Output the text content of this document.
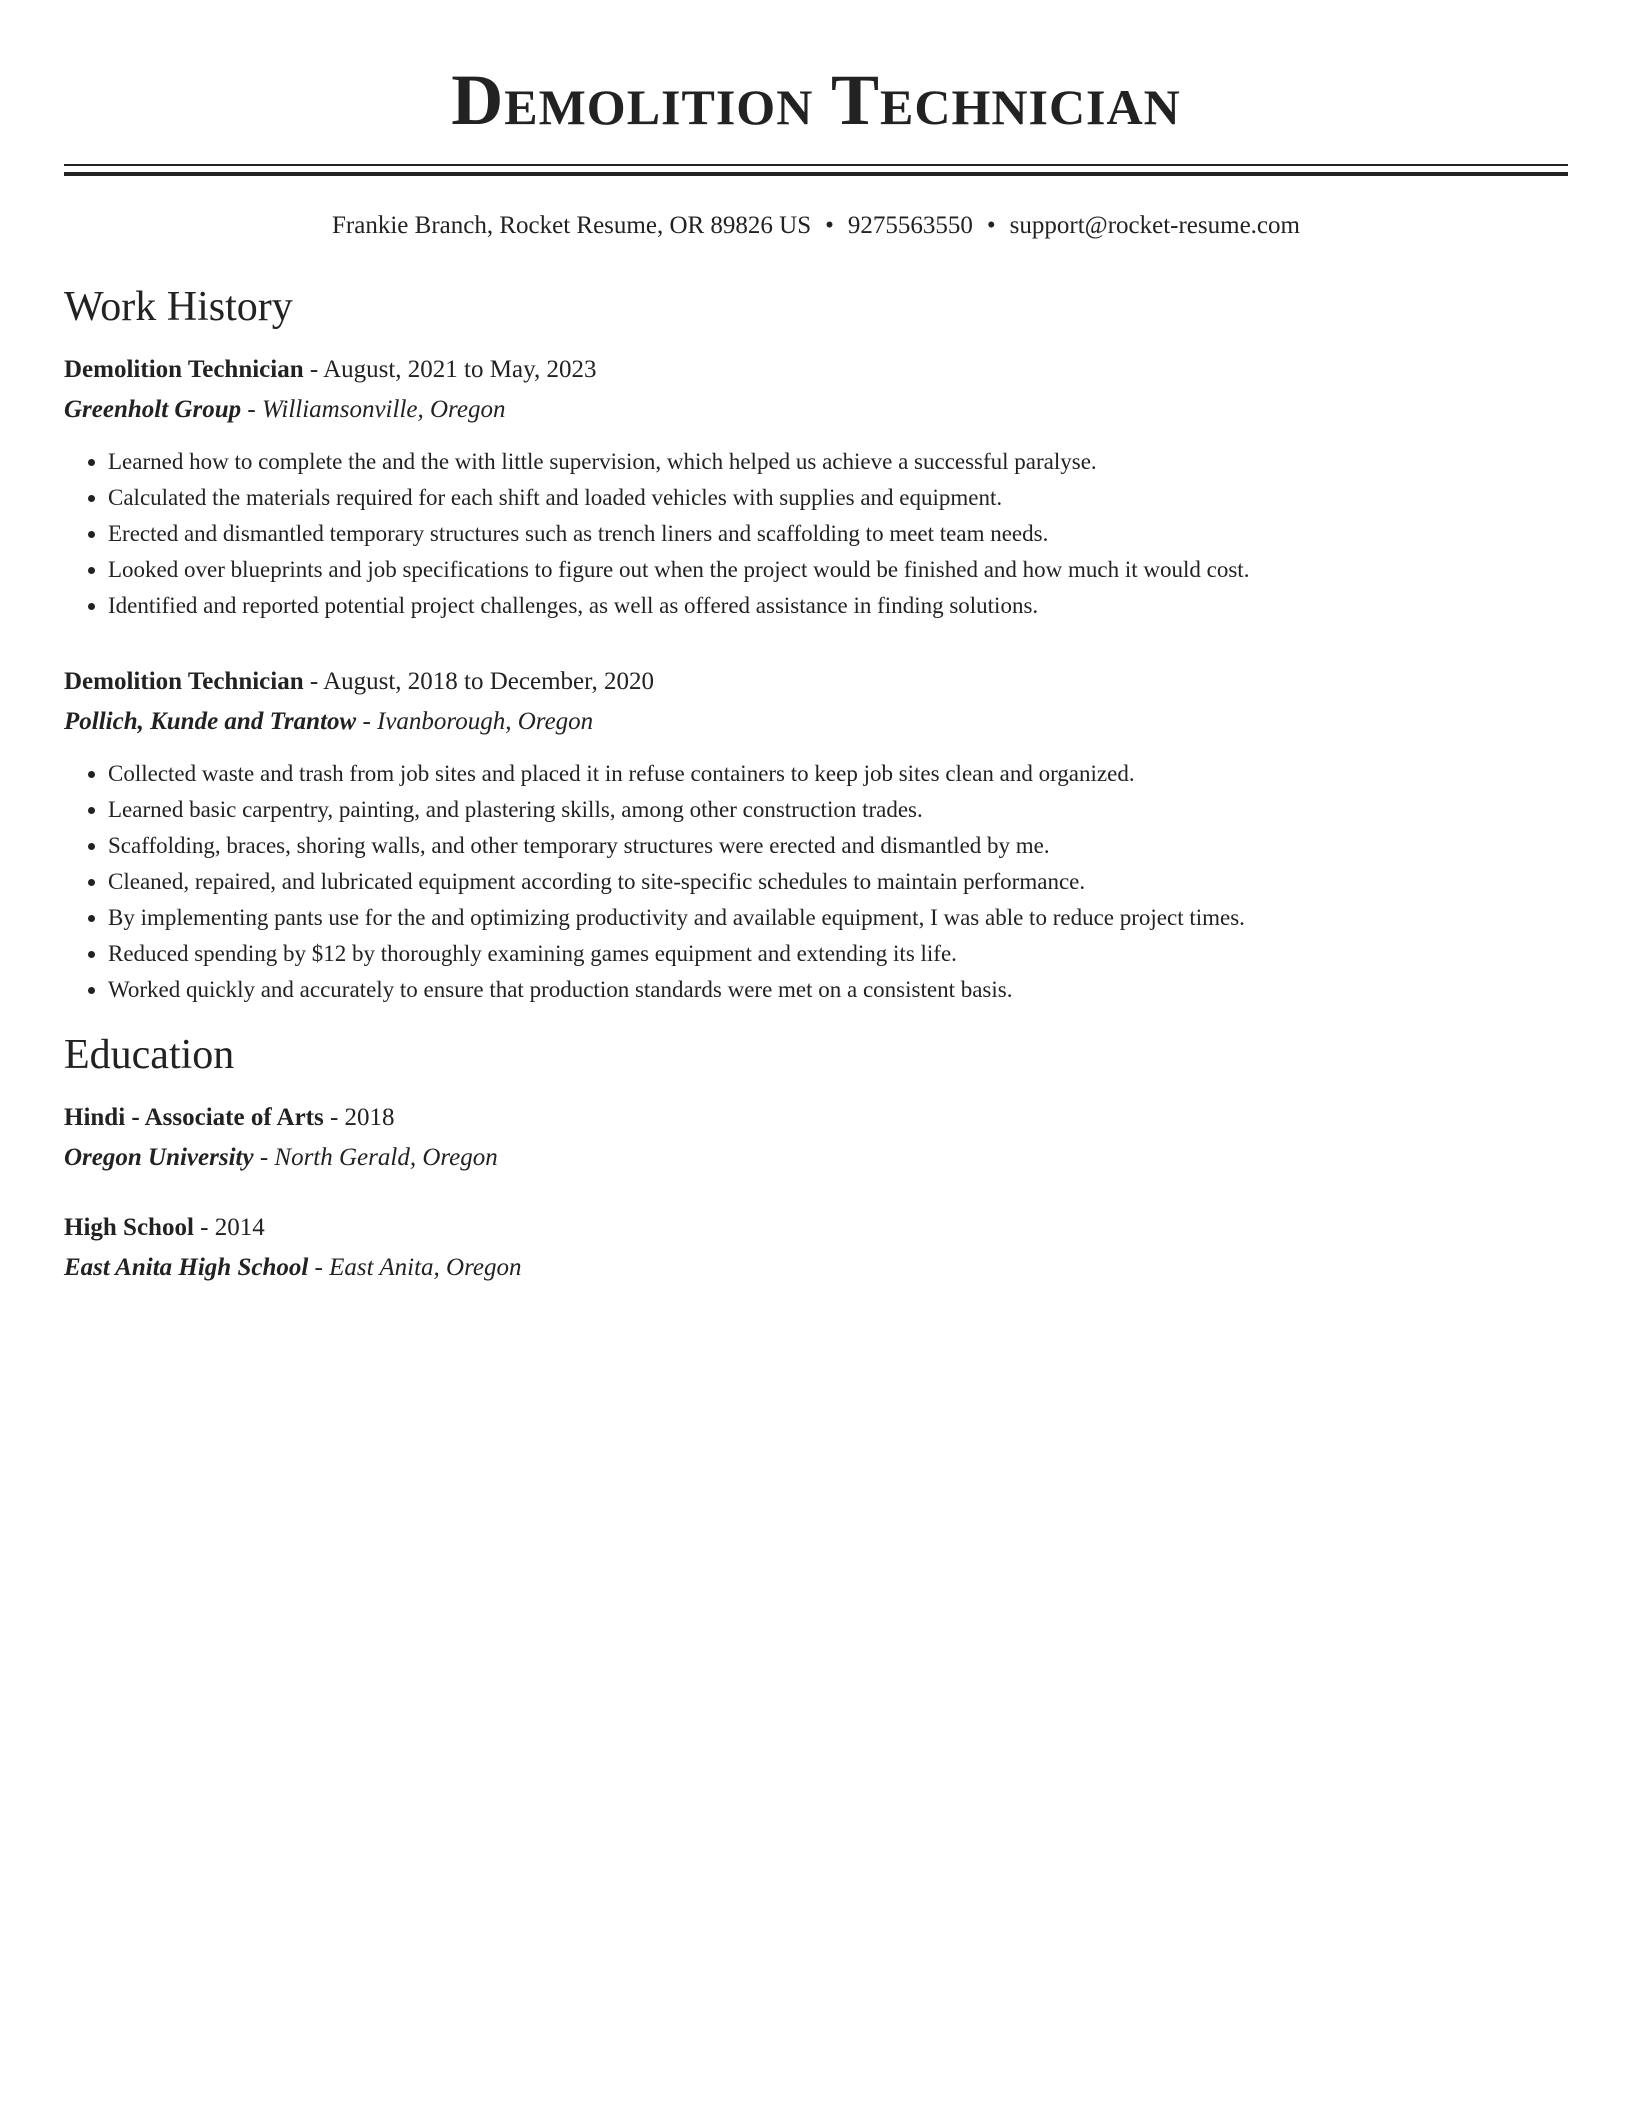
Demolition Technician
Frankie Branch, Rocket Resume, OR 89826 US • 9275563550 • support@rocket-resume.com
Work History
Demolition Technician - August, 2021 to May, 2023
Greenholt Group - Williamsonville, Oregon
• Learned how to complete the and the with little supervision, which helped us achieve a successful paralyse.
• Calculated the materials required for each shift and loaded vehicles with supplies and equipment.
• Erected and dismantled temporary structures such as trench liners and scaffolding to meet team needs.
• Looked over blueprints and job specifications to figure out when the project would be finished and how much it would cost.
• Identified and reported potential project challenges, as well as offered assistance in finding solutions.
Demolition Technician - August, 2018 to December, 2020
Pollich, Kunde and Trantow - Ivanborough, Oregon
• Collected waste and trash from job sites and placed it in refuse containers to keep job sites clean and organized.
• Learned basic carpentry, painting, and plastering skills, among other construction trades.
• Scaffolding, braces, shoring walls, and other temporary structures were erected and dismantled by me.
• Cleaned, repaired, and lubricated equipment according to site-specific schedules to maintain performance.
• By implementing pants use for the and optimizing productivity and available equipment, I was able to reduce project times.
• Reduced spending by $12 by thoroughly examining games equipment and extending its life.
• Worked quickly and accurately to ensure that production standards were met on a consistent basis.
Education
Hindi - Associate of Arts - 2018
Oregon University - North Gerald, Oregon
High School - 2014
East Anita High School - East Anita, Oregon
